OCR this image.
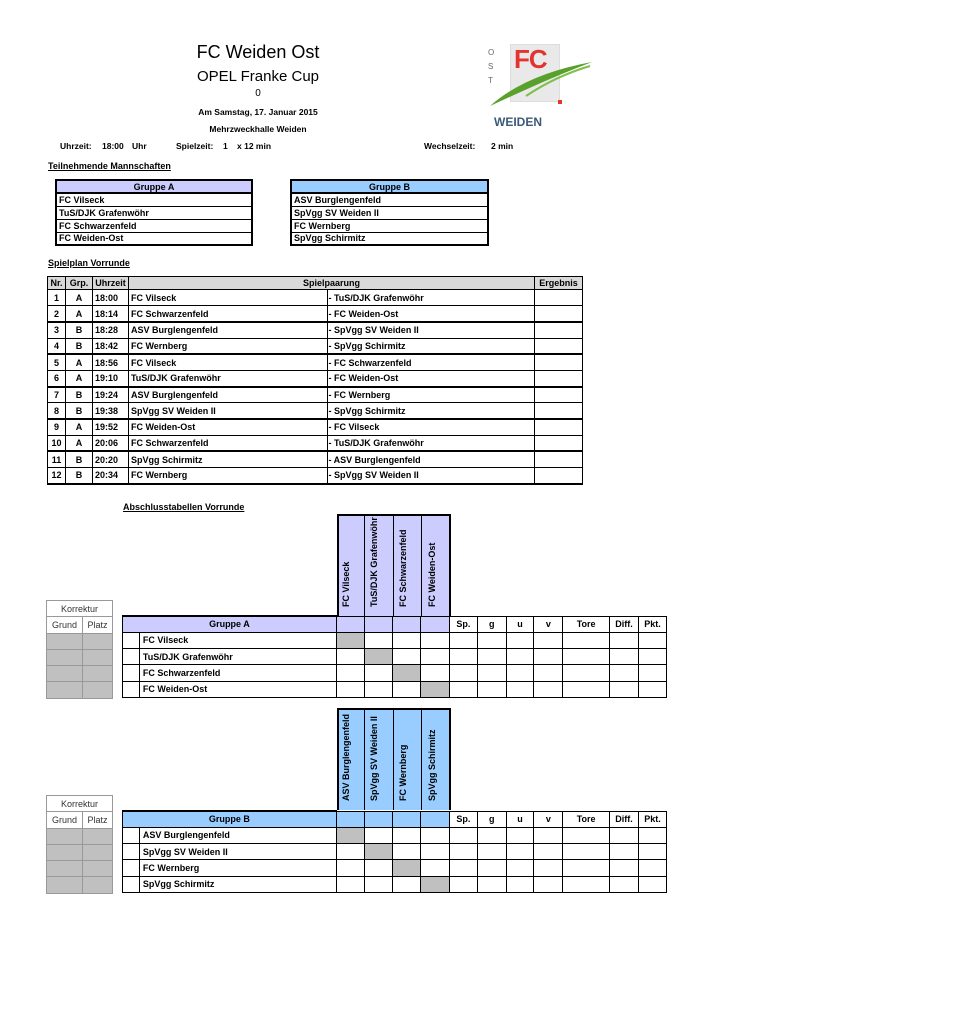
FC Weiden Ost
OPEL Franke Cup
0
Am Samstag, 17. Januar 2015
Mehrzweckhalle Weiden
Uhrzeit: 18:00 Uhr	Spielzeit: 1 x 12 min	Wechselzeit: 2 min
FC
O S T
WEIDEN
Teilnehmende Mannschaften
Gruppe A
FC Vilseck
TuS/DJK Grafenwöhr
FC Schwarzenfeld
FC Weiden-Ost
Gruppe B
ASV Burglengenfeld
SpVgg SV Weiden II
FC Wernberg
SpVgg Schirmitz
Spielplan Vorrunde
Nr.	Grp.	Uhrzeit	Spielpaarung		Ergebnis
1	A	18:00	FC Vilseck	- TuS/DJK Grafenwöhr	
2	A	18:14	FC Schwarzenfeld	- FC Weiden-Ost	
3	B	18:28	ASV Burglengenfeld	- SpVgg SV Weiden II	
4	B	18:42	FC Wernberg	- SpVgg Schirmitz	
5	A	18:56	FC Vilseck	- FC Schwarzenfeld	
6	A	19:10	TuS/DJK Grafenwöhr	- FC Weiden-Ost	
7	B	19:24	ASV Burglengenfeld	- FC Wernberg	
8	B	19:38	SpVgg SV Weiden II	- SpVgg Schirmitz	
9	A	19:52	FC Weiden-Ost	- FC Vilseck	
10	A	20:06	FC Schwarzenfeld	- TuS/DJK Grafenwöhr	
11	B	20:20	SpVgg Schirmitz	- ASV Burglengenfeld	
12	B	20:34	FC Wernberg	- SpVgg SV Weiden II	
Abschlusstabellen Vorrunde
FC Vilseck TuS/DJK Grafenwöhr FC Schwarzenfeld FC Weiden-Ost
Korrektur	
Grund	Platz

		Gruppe A						Sp.	g	u	v	Tore	Diff.	Pkt.
	FC Vilseck											
	TuS/DJK Grafenwöhr											
	FC Schwarzenfeld											
	FC Weiden-Ost											
ASV Burglengenfeld SpVgg SV Weiden II FC Wernberg SpVgg Schirmitz
Korrektur	
Grund	Platz

		Gruppe B						Sp.	g	u	v	Tore	Diff.	Pkt.
	ASV Burglengenfeld											
	SpVgg SV Weiden II											
	FC Wernberg											
	SpVgg Schirmitz											
